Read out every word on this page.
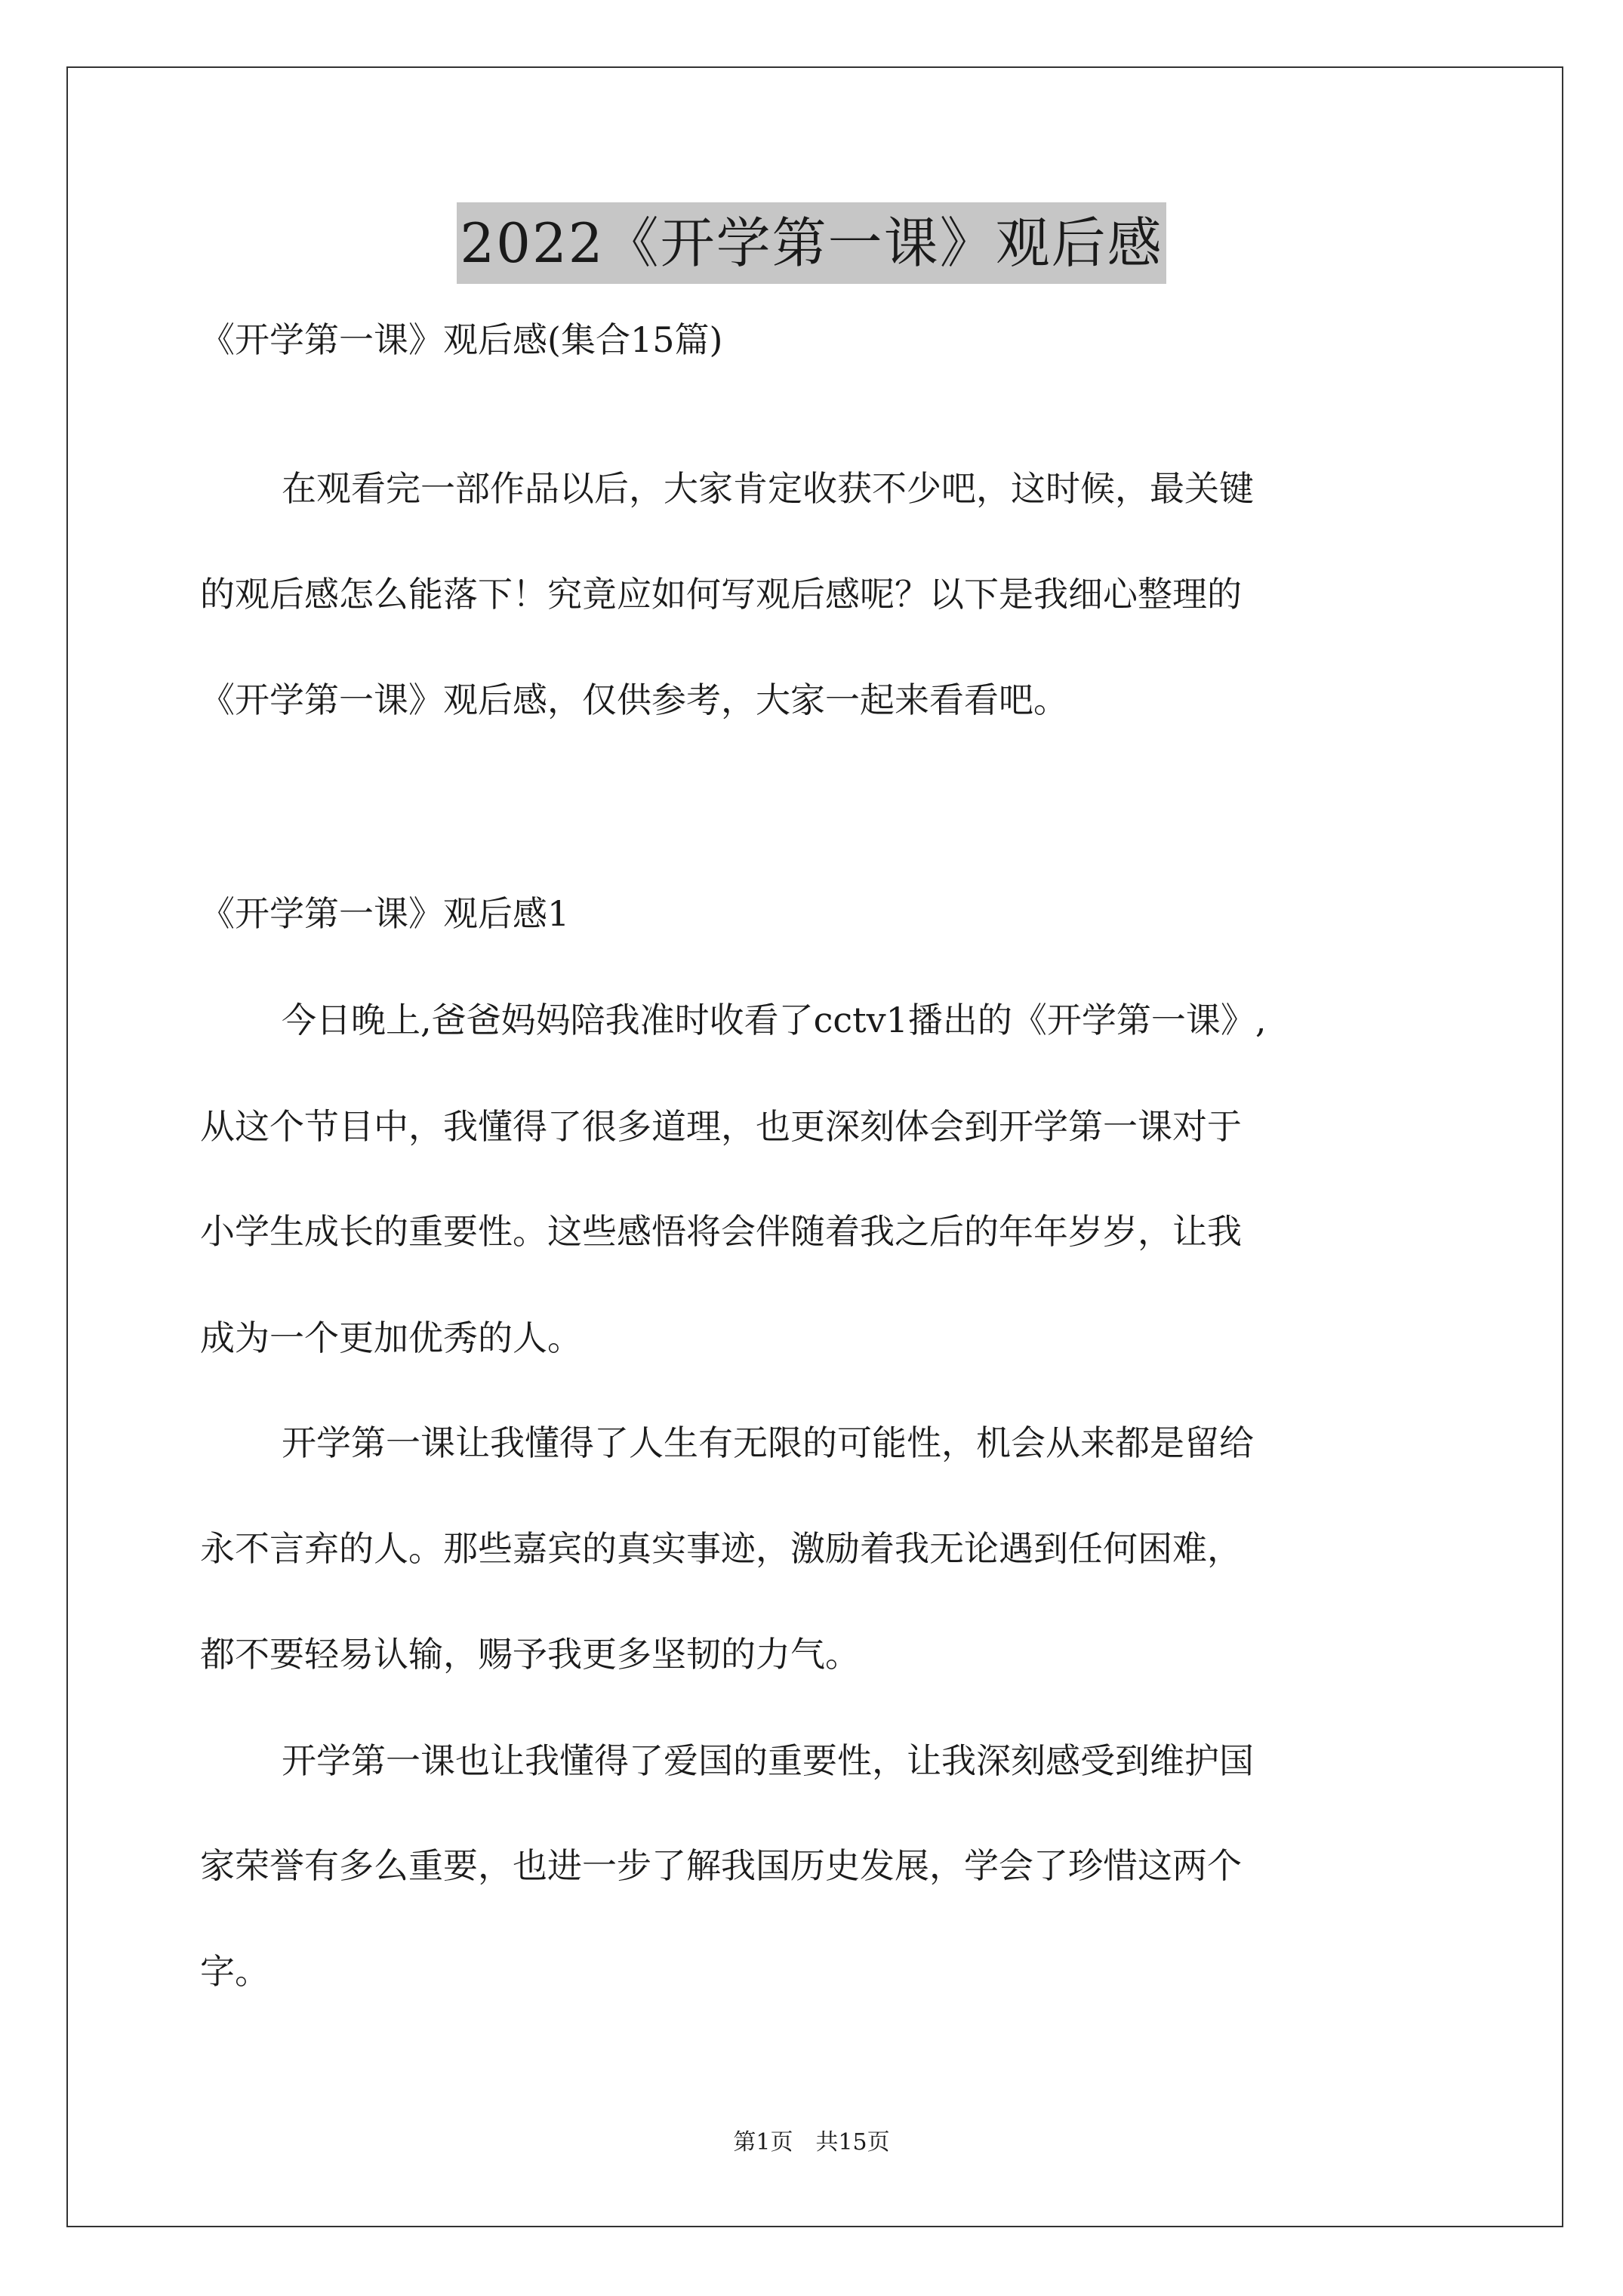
2022《开学第一课》观后感
《开学第一课》观后感(集合15篇)
在观看完一部作品以后，大家肯定收获不少吧，这时候，最关键
的观后感怎么能落下！究竟应如何写观后感呢？以下是我细心整理的
《开学第一课》观后感，仅供参考，大家一起来看看吧。
《开学第一课》观后感1
今日晚上,爸爸妈妈陪我准时收看了cctv1播出的《开学第一课》,
从这个节目中，我懂得了很多道理，也更深刻体会到开学第一课对于
小学生成长的重要性。这些感悟将会伴随着我之后的年年岁岁，让我
成为一个更加优秀的人。
开学第一课让我懂得了人生有无限的可能性，机会从来都是留给
永不言弃的人。那些嘉宾的真实事迹，激励着我无论遇到任何困难，
都不要轻易认输，赐予我更多坚韧的力气。
开学第一课也让我懂得了爱国的重要性，让我深刻感受到维护国
家荣誉有多么重要，也进一步了解我国历史发展，学会了珍惜这两个
字。
第1页　共15页
